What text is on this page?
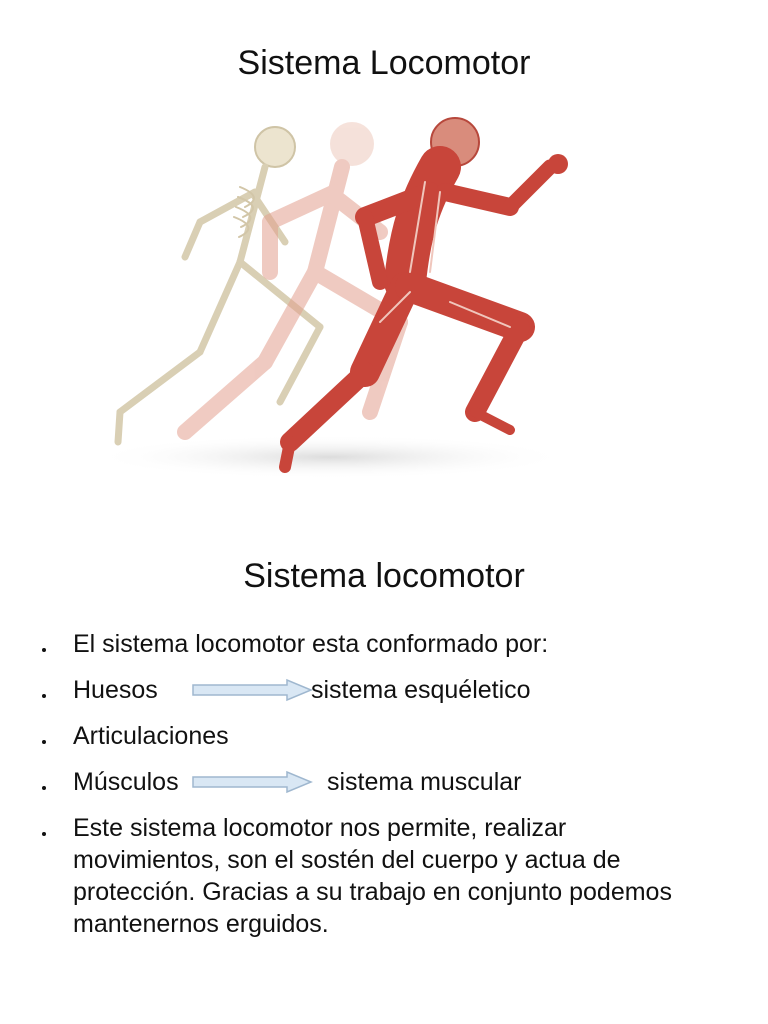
Sistema Locomotor
Sistema locomotor
El sistema locomotor esta conformado por:
Huesos	sistema esquéletico
Articulaciones
Músculos	sistema muscular
Este sistema locomotor nos permite, realizar movimientos, son el sostén del cuerpo y actua de protección. Gracias a su trabajo en conjunto podemos mantenernos erguidos.
